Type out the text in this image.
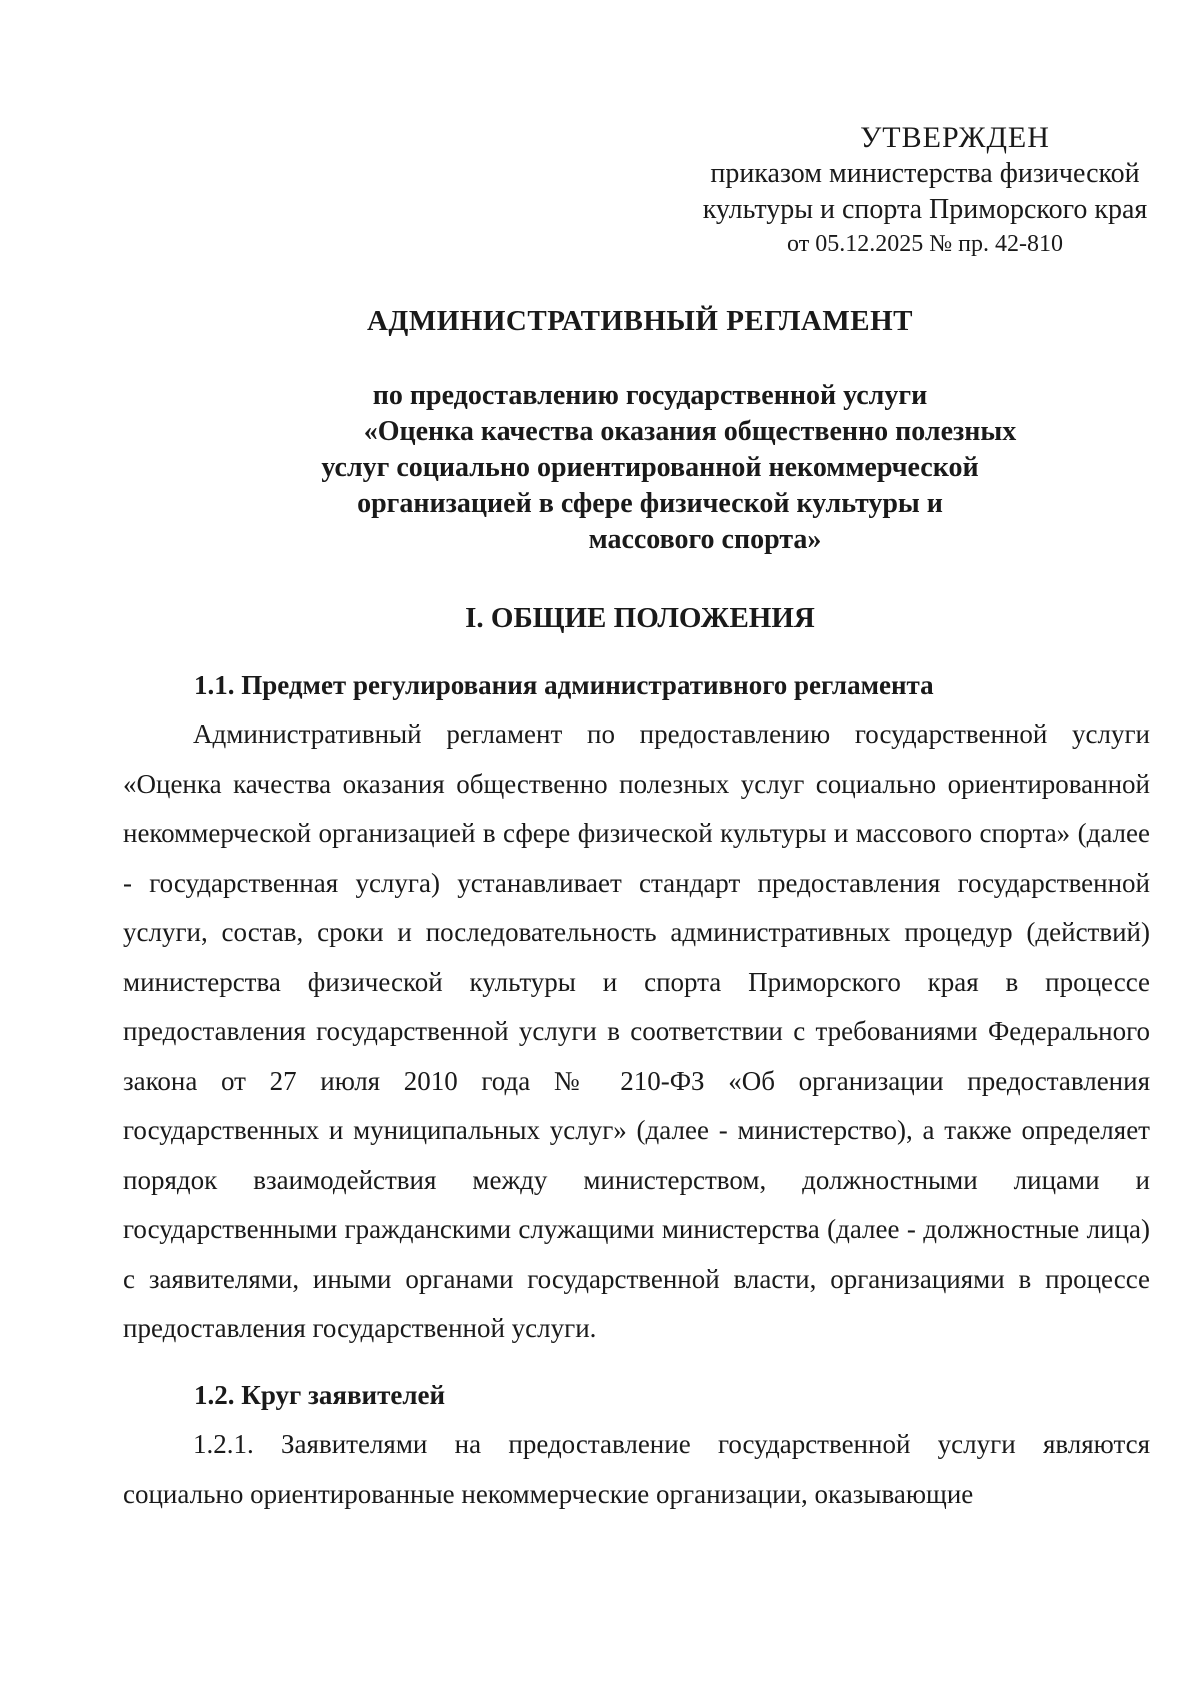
УТВЕРЖДЕН
приказом министерства физической
культуры и спорта Приморского края
от 05.12.2025 № пр. 42-810
АДМИНИСТРАТИВНЫЙ РЕГЛАМЕНТ
по предоставлению государственной услуги
«Оценка качества оказания общественно полезных
услуг социально ориентированной некоммерческой
организацией в сфере физической культуры и
массового спорта»
I. ОБЩИЕ ПОЛОЖЕНИЯ
1.1. Предмет регулирования административного регламента

Административный регламент по предоставлению государственной услуги «Оценка качества оказания общественно полезных услуг социально ориентированной некоммерческой организацией в сфере физической культуры и массового спорта» (далее - государственная услуга) устанавливает стандарт предоставления государственной услуги, состав, сроки и последовательность административных процедур (действий) министерства физической культуры и спорта Приморского края в процессе предоставления государственной услуги в соответствии с требованиями Федерального закона от 27 июля 2010 года № 210-ФЗ «Об организации предоставления государственных и муниципальных услуг» (далее - министерство), а также определяет порядок взаимодействия между министерством, должностными лицами и государственными гражданскими служащими министерства (далее - должностные лица) с заявителями, иными органами государственной власти, организациями в процессе предоставления государственной услуги.

1.2. Круг заявителей

1.2.1. Заявителями на предоставление государственной услуги являются социально ориентированные некоммерческие организации, оказывающие
